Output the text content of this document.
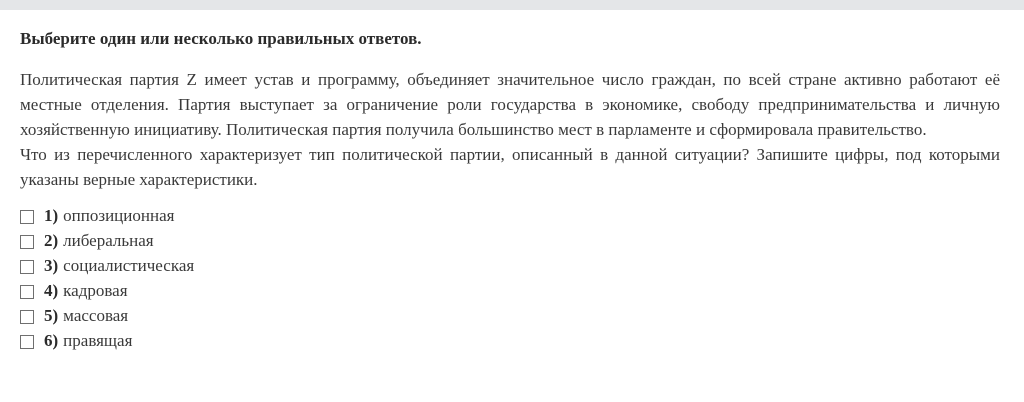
Выберите один или несколько правильных ответов.

Политическая партия Z имеет устав и программу, объединяет значительное число граждан, по всей стране активно работают её местные отделения. Партия выступает за ограничение роли государства в экономике, свободу предпринимательства и личную хозяйственную инициативу. Политическая партия получила большинство мест в парламенте и сформировала правительство.

Что из перечисленного характеризует тип политической партии, описанный в данной ситуации? Запишите цифры, под которыми указаны верные характеристики.

1) оппозиционная
2) либеральная
3) социалистическая
4) кадровая
5) массовая
6) правящая
